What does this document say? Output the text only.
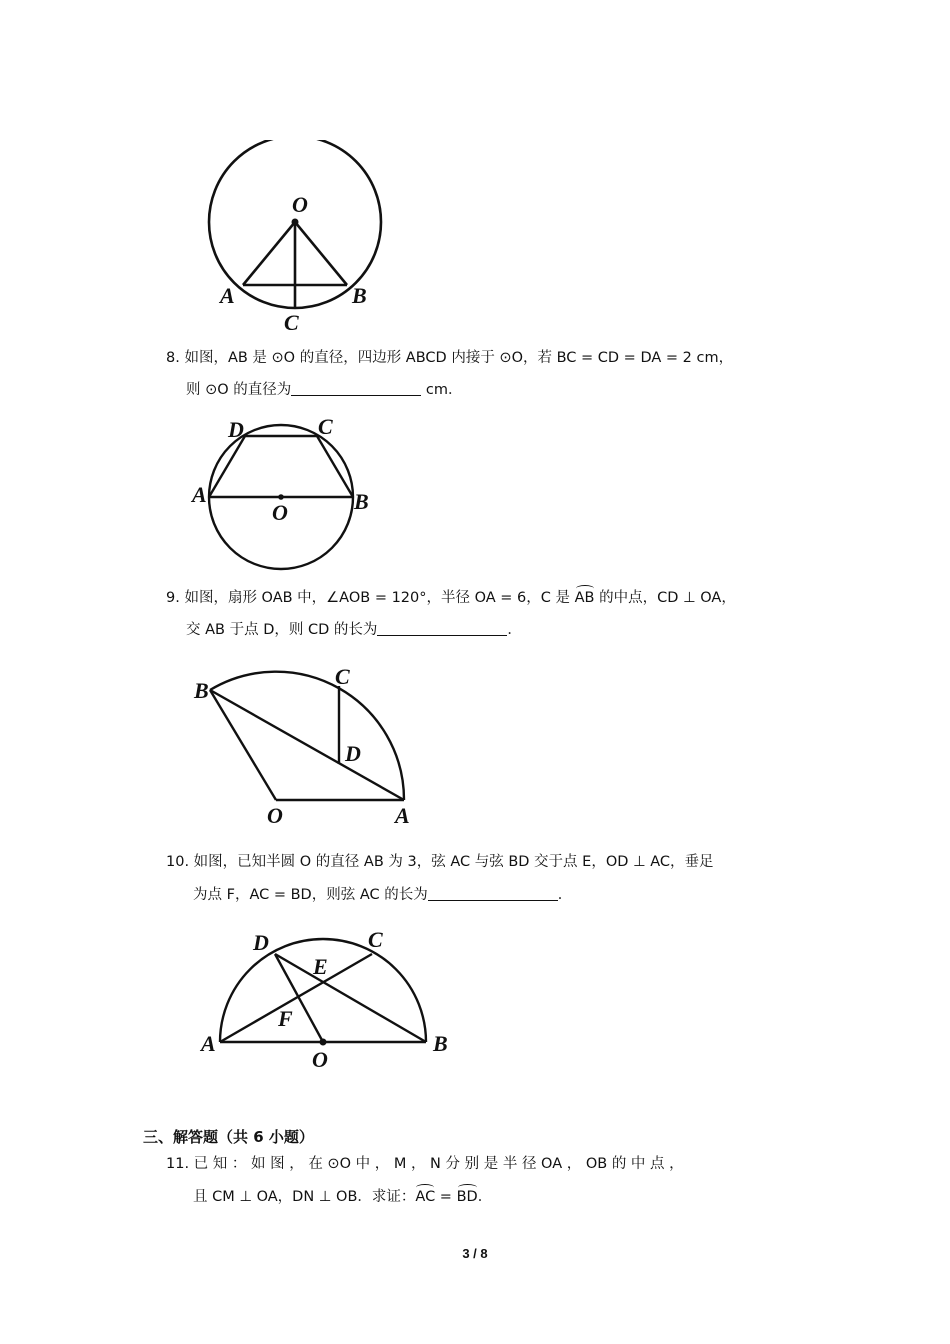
O
A	B
C
8. 如图，AB 是 ⊙O 的直径，四边形 ABCD 内接于 ⊙O，若 BC = CD = DA = 2 cm，
则 ⊙O 的直径为	cm．
D	C
A
O	B
9. 如图，扇形 OAB 中，∠AOB = 120°，半径 OA = 6，C 是 AB 的中点，CD ⊥ OA，
交 AB 于点 D，则 CD 的长为	．
B
C
D
O	A
10. 如图，已知半圆 O 的直径 AB 为 3，弦 AC 与弦 BD 交于点 E，OD ⊥ AC，垂足
为点 F，AC = BD，则弦 AC 的长为	．
D	C
E
F
A
O
B
三、解答题（共 6 小题）
11. 已 知 ： 如 图 ， 在 ⊙O 中 ， M ， N 分 别 是 半 径 OA ， OB 的 中 点 ，
且 CM ⊥ OA，DN ⊥ OB．求证：AC = BD．
3 / 8
